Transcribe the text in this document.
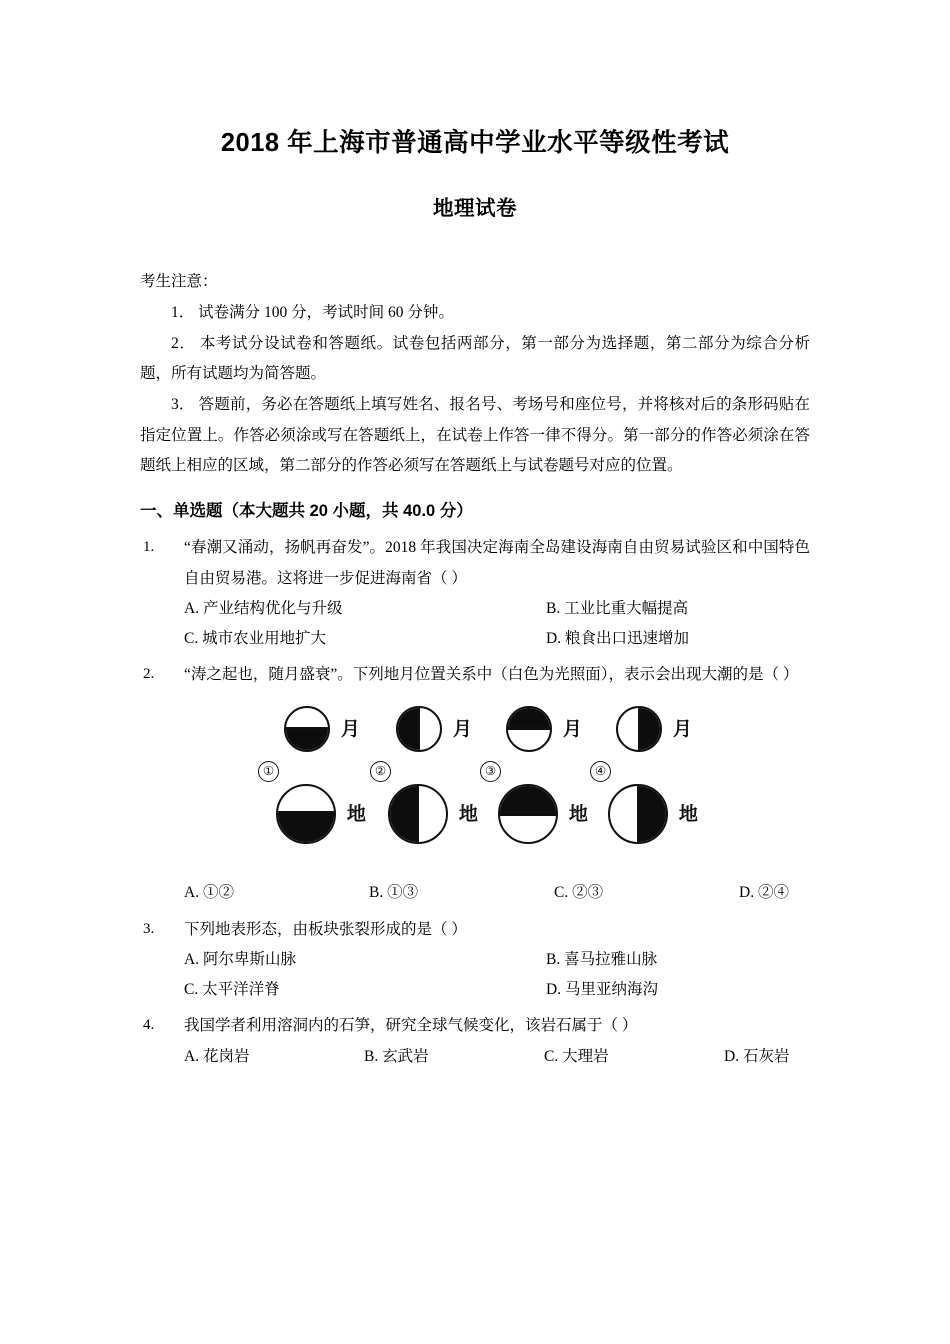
2018 年上海市普通高中学业水平等级性考试
地理试卷

考生注意：

1． 试卷满分 100 分，考试时间 60 分钟。

2． 本考试分设试卷和答题纸。试卷包括两部分，第一部分为选择题，第二部分为综合分析题，所有试题均为简答题。

3． 答题前，务必在答题纸上填写姓名、报名号、考场号和座位号，并将核对后的条形码贴在指定位置上。作答必须涂或写在答题纸上，在试卷上作答一律不得分。第一部分的作答必须涂在答题纸上相应的区域，第二部分的作答必须写在答题纸上与试卷题号对应的位置。

一、单选题（本大题共 20 小题，共 40.0 分）

1.	“春潮又涌动，扬帆再奋发”。2018 年我国决定海南全岛建设海南自由贸易试验区和中国特色自由贸易港。这将进一步促进海南省（ ）

A. 产业结构优化与升级	B. 工业比重大幅提高
C. 城市农业用地扩大	D. 粮食出口迅速增加
2.	“涛之起也，随月盛衰”。下列地月位置关系中（白色为光照面），表示会出现大潮的是（ ）

①
月
地
②
月
地
③
月
地
④
月
地
A. ①②	B. ①③	C. ②③	D. ②④
3.	下列地表形态，由板块张裂形成的是（ ）

A. 阿尔卑斯山脉	B. 喜马拉雅山脉
C. 太平洋洋脊	D. 马里亚纳海沟
4.	我国学者利用溶洞内的石笋，研究全球气候变化，该岩石属于（ ）

A. 花岗岩	B. 玄武岩	C. 大理岩	D. 石灰岩
